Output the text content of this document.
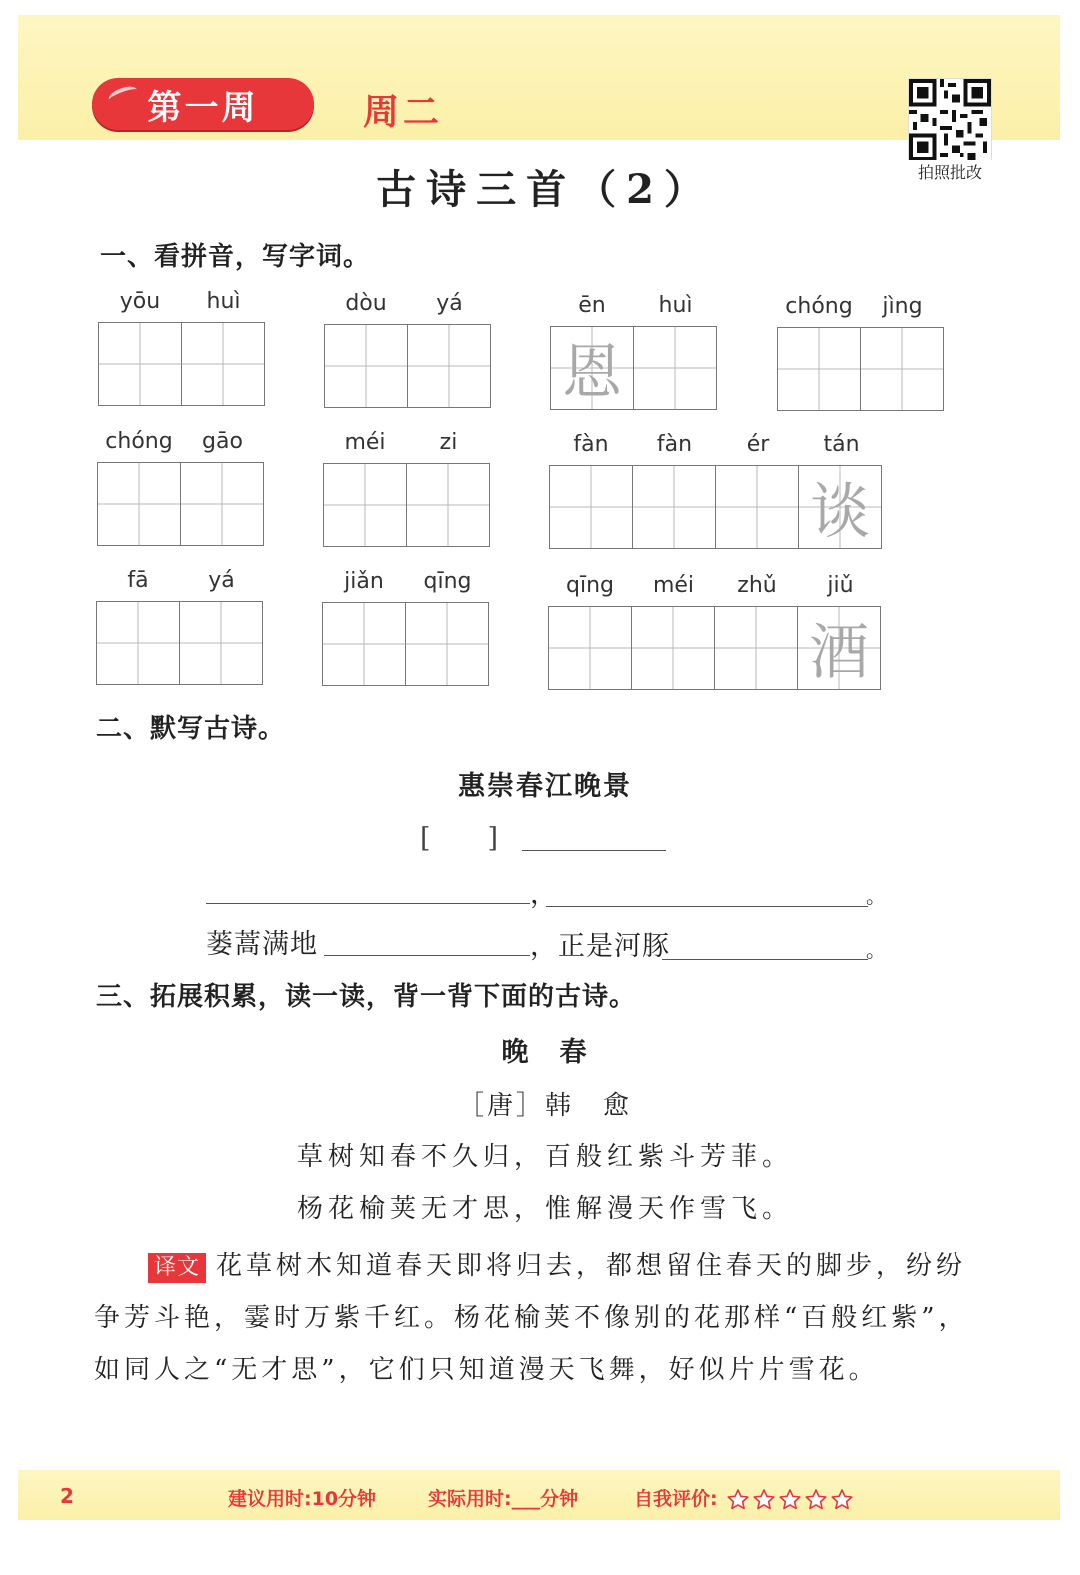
第一周	周二
拍照批改
古诗三首（2）
一、看拼音，写字词。
yōu	huì	dòu	yá	ēn	huì
恩
chóng	jìng
chóng	gāo	méi	zi	fàn	fàn	ér	tán
谈
fā	yá	jiǎn	qīng	qīng	méi	zhǔ	jiǔ
酒
二、默写古诗。
惠崇春江晚景
[　　]
，	。
蒌蒿满地	，正是河豚	。
三、拓展积累，读一读，背一背下面的古诗。
晚　春
［唐］韩　愈
草树知春不久归，百般红紫斗芳菲。
杨花榆荚无才思，惟解漫天作雪飞。
译文 花草树木知道春天即将归去，都想留住春天的脚步，纷纷争芳斗艳，霎时万紫千红。杨花榆荚不像别的花那样“百般红紫”，如同人之“无才思”，它们只知道漫天飞舞，好似片片雪花。
2	建议用时:10分钟	实际用时:___分钟	自我评价:
